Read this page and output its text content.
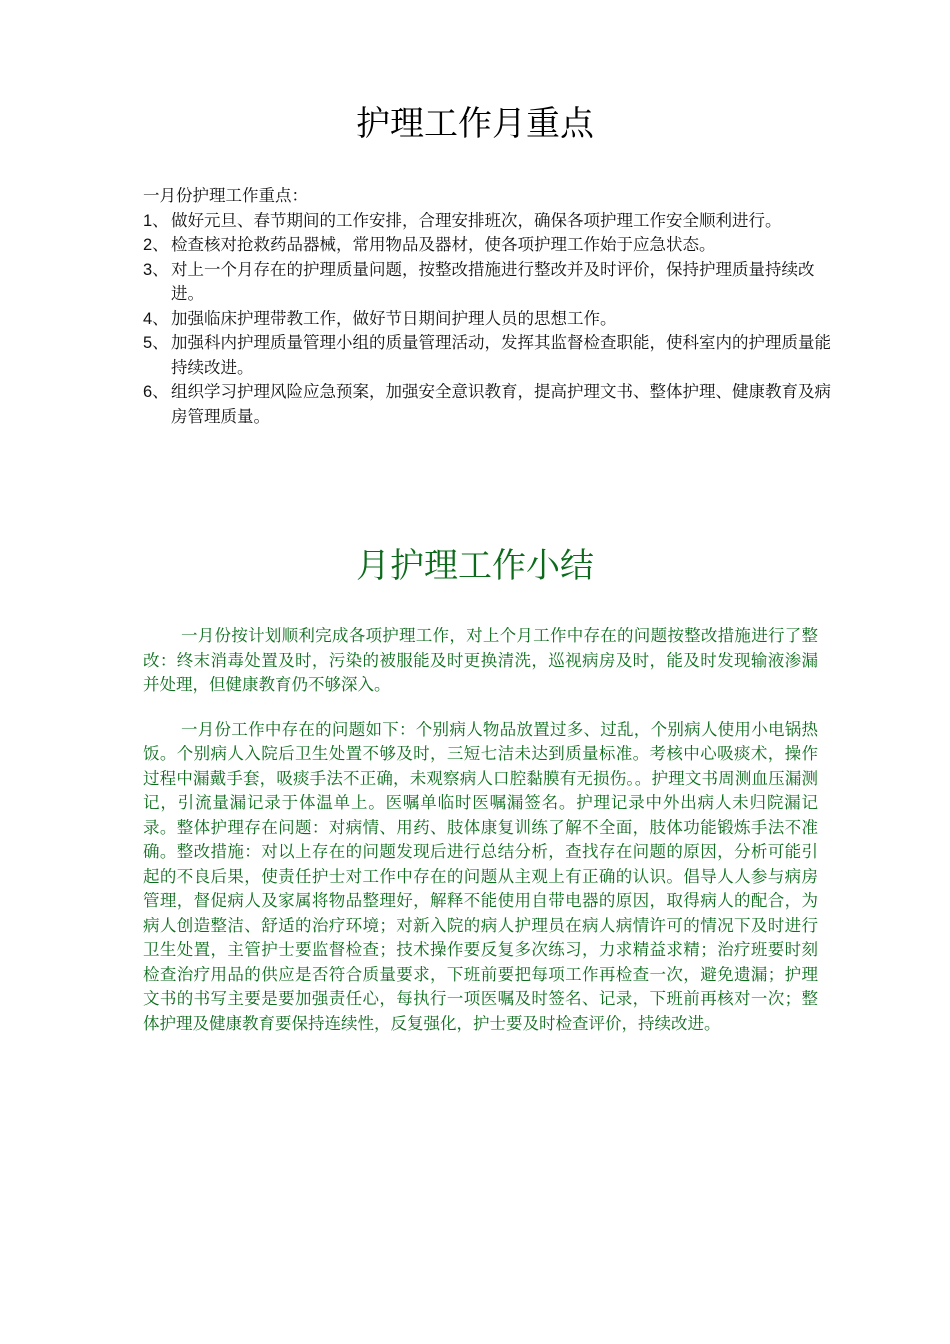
护理工作月重点

一月份护理工作重点：

1、 做好元旦、春节期间的工作安排，合理安排班次，确保各项护理工作安全顺利进行。
2、 检查核对抢救药品器械，常用物品及器材，使各项护理工作始于应急状态。
3、 对上一个月存在的护理质量问题，按整改措施进行整改并及时评价，保持护理质量持续改进。
4、 加强临床护理带教工作，做好节日期间护理人员的思想工作。
5、 加强科内护理质量管理小组的质量管理活动，发挥其监督检查职能，使科室内的护理质量能持续改进。
6、 组织学习护理风险应急预案，加强安全意识教育，提高护理文书、整体护理、健康教育及病房管理质量。
月护理工作小结

一月份按计划顺利完成各项护理工作，对上个月工作中存在的问题按整改措施进行了整改：终末消毒处置及时，污染的被服能及时更换清洗，巡视病房及时，能及时发现输液渗漏并处理，但健康教育仍不够深入。

一月份工作中存在的问题如下：个别病人物品放置过多、过乱，个别病人使用小电锅热饭。个别病人入院后卫生处置不够及时，三短七洁未达到质量标准。考核中心吸痰术，操作过程中漏戴手套，吸痰手法不正确，未观察病人口腔黏膜有无损伤。。护理文书周测血压漏测记，引流量漏记录于体温单上。医嘱单临时医嘱漏签名。护理记录中外出病人未归院漏记录。整体护理存在问题：对病情、用药、肢体康复训练了解不全面，肢体功能锻炼手法不准确。整改措施：对以上存在的问题发现后进行总结分析，查找存在问题的原因，分析可能引起的不良后果，使责任护士对工作中存在的问题从主观上有正确的认识。倡导人人参与病房管理，督促病人及家属将物品整理好，解释不能使用自带电器的原因，取得病人的配合，为病人创造整洁、舒适的治疗环境；对新入院的病人护理员在病人病情许可的情况下及时进行卫生处置，主管护士要监督检查；技术操作要反复多次练习，力求精益求精；治疗班要时刻检查治疗用品的供应是否符合质量要求，下班前要把每项工作再检查一次，避免遗漏；护理文书的书写主要是要加强责任心，每执行一项医嘱及时签名、记录，下班前再核对一次；整体护理及健康教育要保持连续性，反复强化，护士要及时检查评价，持续改进。
